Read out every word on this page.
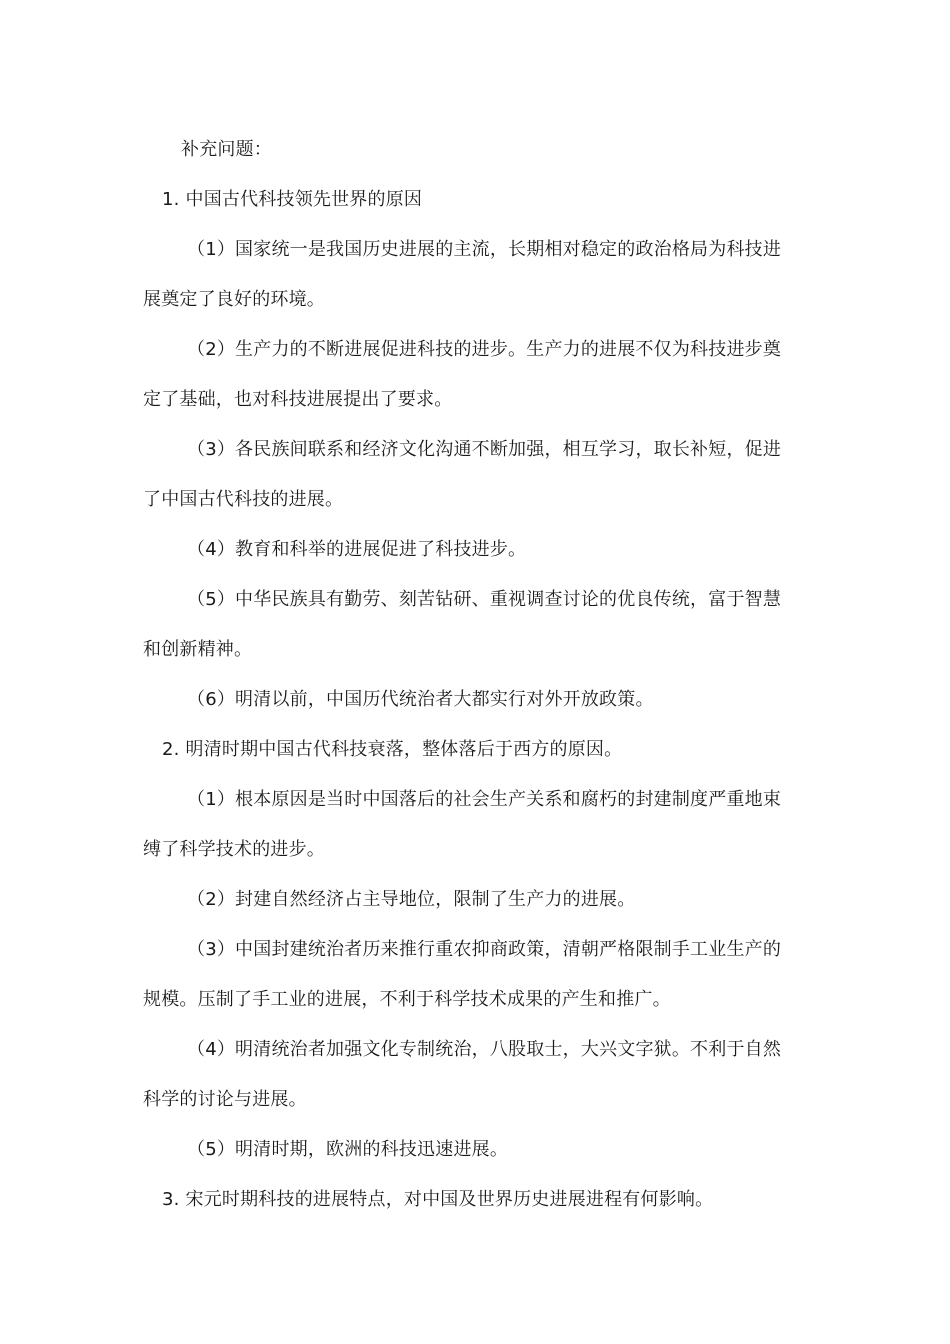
补充问题：
1. 中国古代科技领先世界的原因
（1）国家统一是我国历史进展的主流，长期相对稳定的政治格局为科技进
展奠定了良好的环境。
（2）生产力的不断进展促进科技的进步。生产力的进展不仅为科技进步奠
定了基础，也对科技进展提出了要求。
（3）各民族间联系和经济文化沟通不断加强，相互学习，取长补短，促进
了中国古代科技的进展。
（4）教育和科举的进展促进了科技进步。
（5）中华民族具有勤劳、刻苦钻研、重视调查讨论的优良传统，富于智慧
和创新精神。
（6）明清以前，中国历代统治者大都实行对外开放政策。
2. 明清时期中国古代科技衰落，整体落后于西方的原因。
（1）根本原因是当时中国落后的社会生产关系和腐朽的封建制度严重地束
缚了科学技术的进步。
（2）封建自然经济占主导地位，限制了生产力的进展。
（3）中国封建统治者历来推行重农抑商政策，清朝严格限制手工业生产的
规模。压制了手工业的进展，不利于科学技术成果的产生和推广。
（4）明清统治者加强文化专制统治，八股取士，大兴文字狱。不利于自然
科学的讨论与进展。
（5）明清时期，欧洲的科技迅速进展。
3. 宋元时期科技的进展特点，对中国及世界历史进展进程有何影响。
